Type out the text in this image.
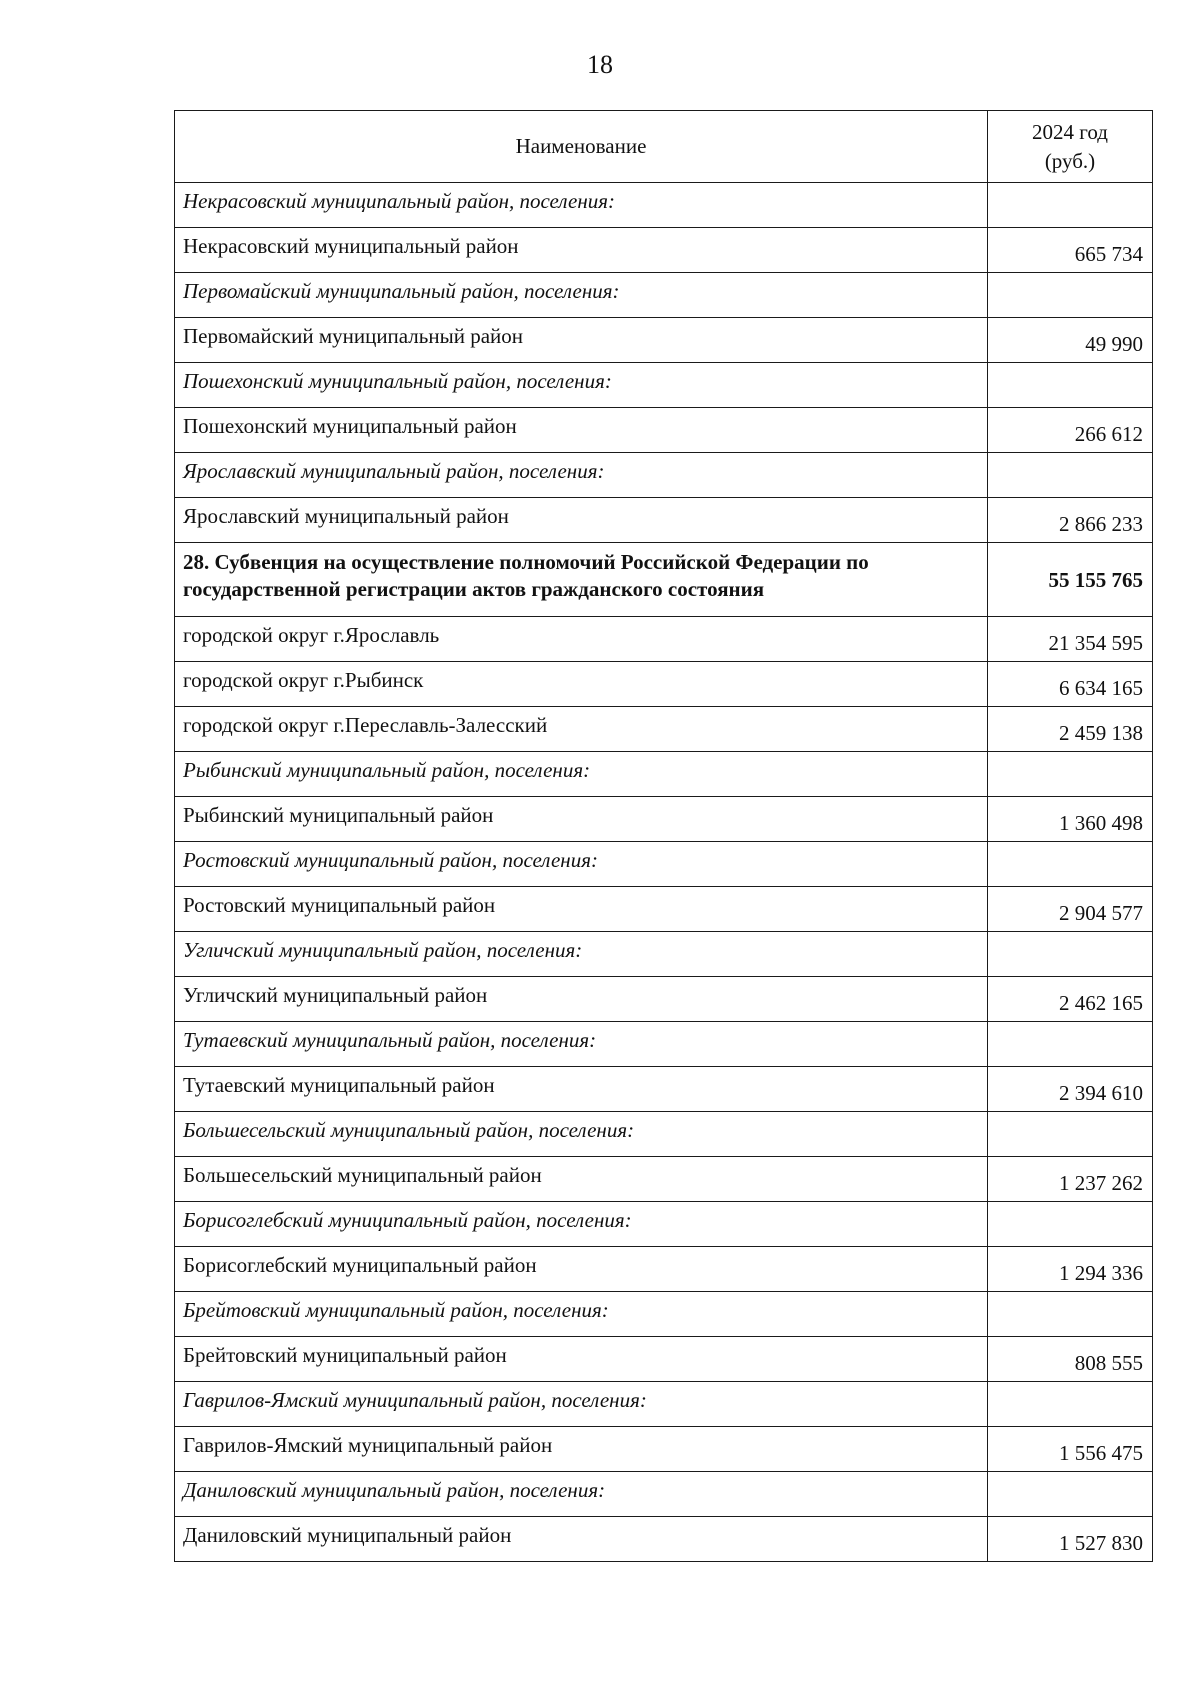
18
Наименование	2024 год
(руб.)
Некрасовский муниципальный район, поселения:	
Некрасовский муниципальный район	665 734
Первомайский муниципальный район, поселения:	
Первомайский муниципальный район	49 990
Пошехонский муниципальный район, поселения:	
Пошехонский муниципальный район	266 612
Ярославский муниципальный район, поселения:	
Ярославский муниципальный район	2 866 233
28. Субвенция на осуществление полномочий Российской Федерации по государственной регистрации актов гражданского состояния	55 155 765
городской округ г.Ярославль	21 354 595
городской округ г.Рыбинск	6 634 165
городской округ г.Переславль-Залесский	2 459 138
Рыбинский муниципальный район, поселения:	
Рыбинский муниципальный район	1 360 498
Ростовский муниципальный район, поселения:	
Ростовский муниципальный район	2 904 577
Угличский муниципальный район, поселения:	
Угличский муниципальный район	2 462 165
Тутаевский муниципальный район, поселения:	
Тутаевский муниципальный район	2 394 610
Большесельский муниципальный район, поселения:	
Большесельский муниципальный район	1 237 262
Борисоглебский муниципальный район, поселения:	
Борисоглебский муниципальный район	1 294 336
Брейтовский муниципальный район, поселения:	
Брейтовский муниципальный район	808 555
Гаврилов-Ямский муниципальный район, поселения:	
Гаврилов-Ямский муниципальный район	1 556 475
Даниловский муниципальный район, поселения:	
Даниловский муниципальный район	1 527 830
